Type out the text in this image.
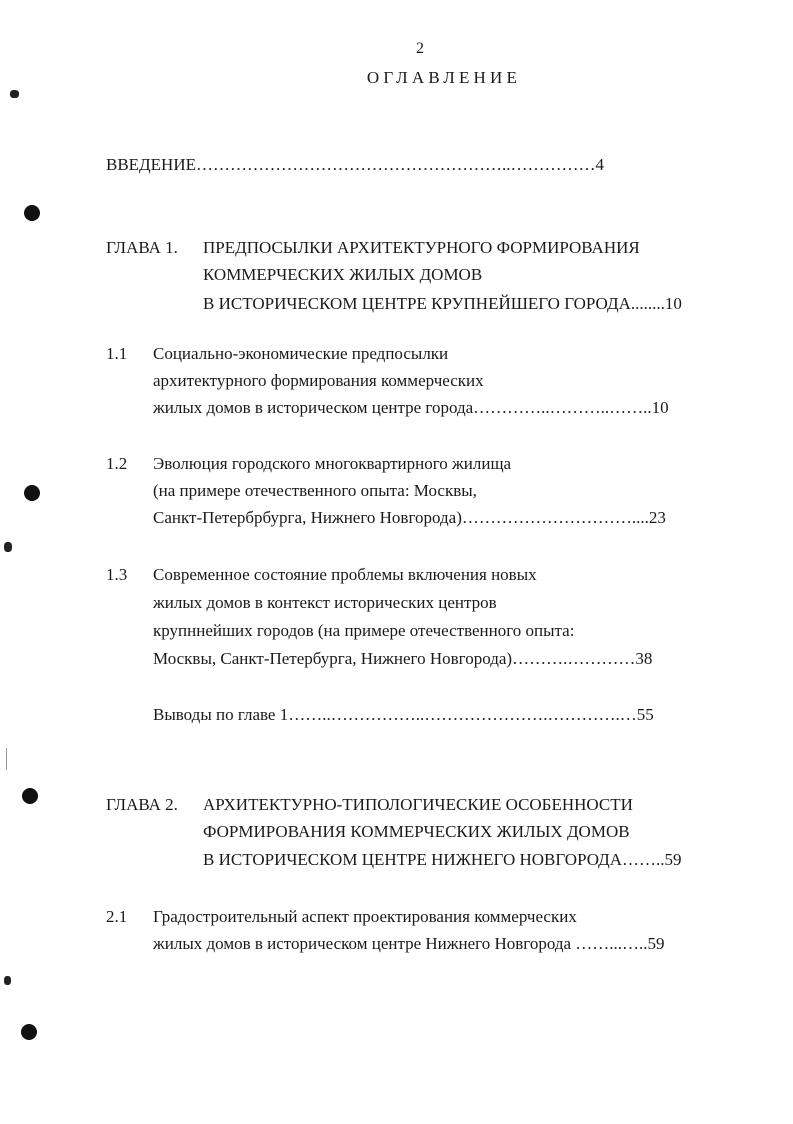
2
ОГЛАВЛЕНИЕ
ВВЕДЕНИЕ………………………………………………..……………4
ГЛАВА 1. ПРЕДПОСЫЛКИ АРХИТЕКТУРНОГО ФОРМИРОВАНИЯ
КОММЕРЧЕСКИХ ЖИЛЫХ ДОМОВ
В ИСТОРИЧЕСКОМ ЦЕНТРЕ КРУПНЕЙШЕГО ГОРОДА........10
1.1 Социально-экономические предпосылки
архитектурного формирования коммерческих
жилых домов в историческом центре города…………..………..……..10
1.2 Эволюция городского многоквартирного жилища
(на примере отечественного опыта: Москвы,
Санкт-Петербрбурга, Нижнего Новгорода)…………………………....23
1.3 Современное состояние проблемы включения новых
жилых домов в контекст исторических центров
крупннейших городов (на примере отечественного опыта:
Москвы, Санкт-Петербурга, Нижнего Новгорода)……….…………38
Выводы по главе 1……..……………..………………….………….…55
ГЛАВА 2. АРХИТЕКТУРНО-ТИПОЛОГИЧЕСКИЕ ОСОБЕННОСТИ
ФОРМИРОВАНИЯ КОММЕРЧЕСКИХ ЖИЛЫХ ДОМОВ
В ИСТОРИЧЕСКОМ ЦЕНТРЕ НИЖНЕГО НОВГОРОДА……..59
2.1 Градостроительный аспект проектирования коммерческих
жилых домов в историческом центре Нижнего Новгорода ……...…..59
